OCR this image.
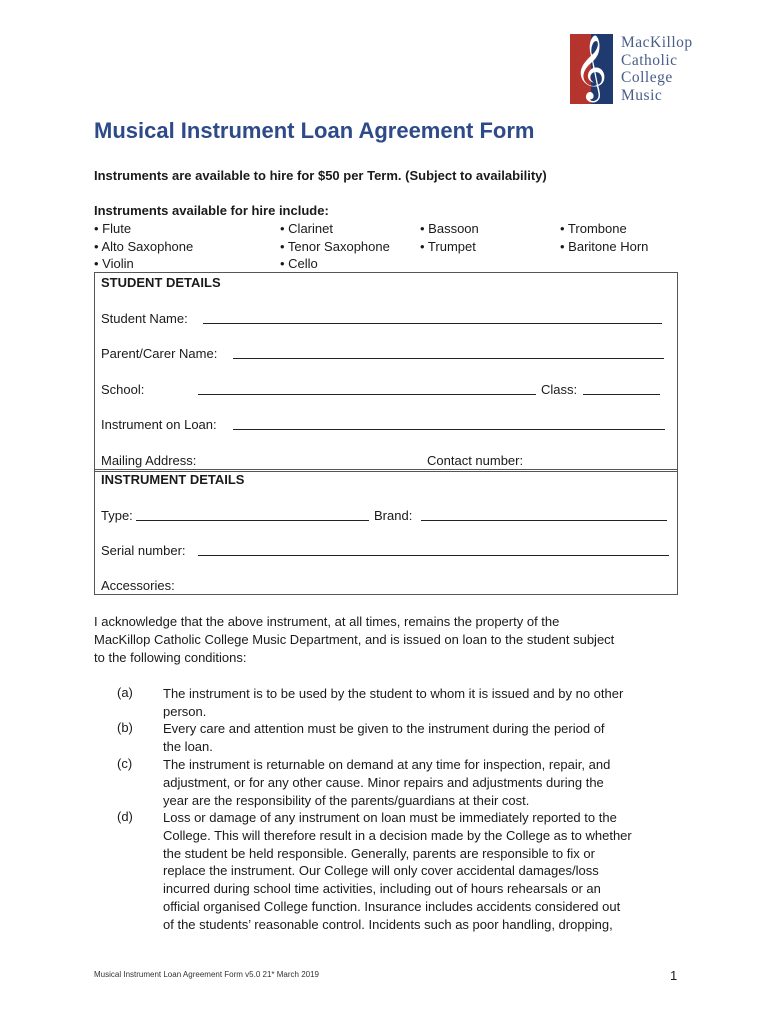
𝄞 MacKillop
Catholic
College
Music
Musical Instrument Loan Agreement Form
Instruments are available to hire for $50 per Term. (Subject to availability)
Instruments available for hire include:
• Flute
• Alto Saxophone
• Violin
• Clarinet
• Tenor Saxophone
• Cello
• Bassoon
• Trumpet
• Trombone
• Baritone Horn
STUDENT DETAILS
Student Name:
Parent/Carer Name:
School:	Class:
Instrument on Loan:
Mailing Address:	Contact number:
INSTRUMENT DETAILS
Type:	Brand:
Serial number:
Accessories:
I acknowledge that the above instrument, at all times, remains the property of the
MacKillop Catholic College Music Department, and is issued on loan to the student subject
to the following conditions:
(a) The instrument is to be used by the student to whom it is issued and by no other
person.
(b) Every care and attention must be given to the instrument during the period of
the loan.
(c) The instrument is returnable on demand at any time for inspection, repair, and
adjustment, or for any other cause. Minor repairs and adjustments during the
year are the responsibility of the parents/guardians at their cost.
(d) Loss or damage of any instrument on loan must be immediately reported to the
College. This will therefore result in a decision made by the College as to whether
the student be held responsible. Generally, parents are responsible to fix or
replace the instrument. Our College will only cover accidental damages/loss
incurred during school time activities, including out of hours rehearsals or an
official organised College function. Insurance includes accidents considered out
of the students’ reasonable control. Incidents such as poor handling, dropping,
Musical Instrument Loan Agreement Form v5.0 21* March 2019	1
